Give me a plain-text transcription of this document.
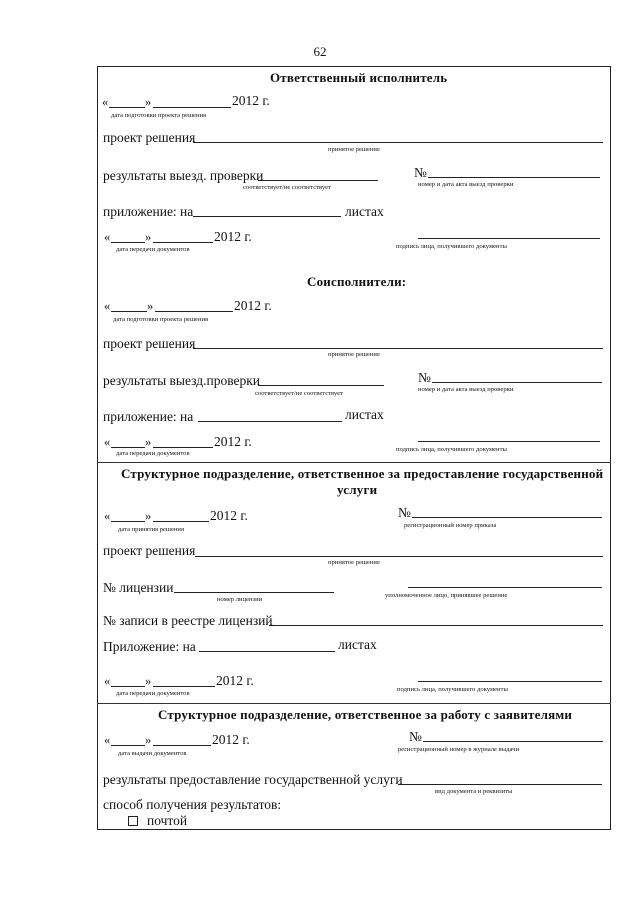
62
Ответственный исполнитель
«	»	2012 г.
дата подготовки проекта решения
проект решения
принятое решение
результаты выезд. проверки
соответствует/не соответствует
№
номер и дата акта выезд проверки
приложение: на	листах
«	»	2012 г.
дата передачи документов	подпись лица, получившего документы
Соисполнители:
«	»	2012 г.
дата подготовки проекта решения
проект решения
принятое решение
результаты выезд.проверки
соответствует/не соответствует
№
номер и дата акта выезд проверки
приложение: на	листах
«	»	2012 г.
дата передачи документов
подпись лица, получившего документы
Структурное подразделение, ответственное за предоставление государственной
услуги
«	»	2012 г.
дата принятия решения
№
регистрационный номер приказа
проект решения
принятое решение
№ лицензии
номер лицензии
уполномоченное лицо, принявшее решение
№ записи в реестре лицензий
Приложение: на	листах
«	»	2012 г.
дата передачи документов
подпись лица, получившего документы
Структурное подразделение, ответственное за работу с заявителями
«	»	2012 г.
дата выдачи документов
№
регистрационный номер в журнале выдачи
результаты предоставление государственной услуги
вид документа и реквизиты
способ получения результатов:
почтой
